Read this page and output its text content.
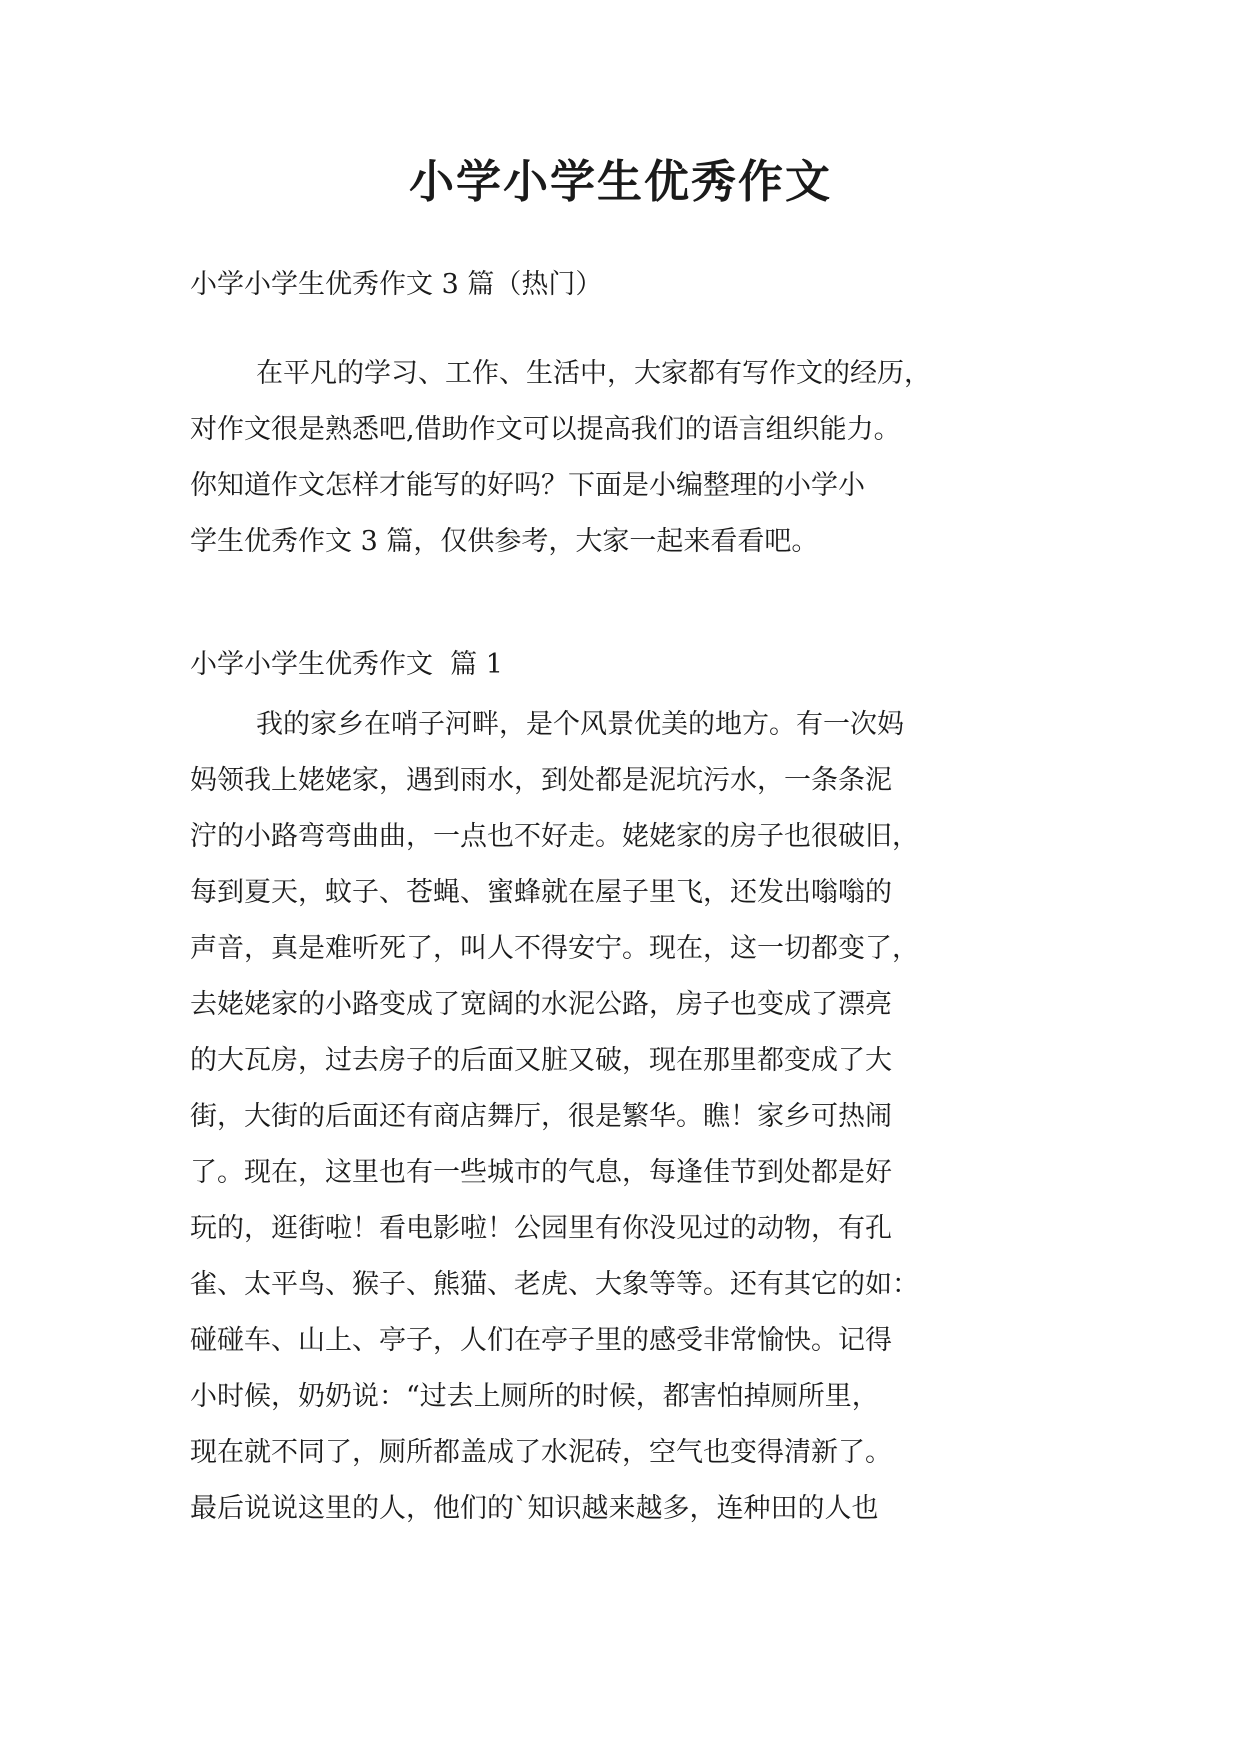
小学小学生优秀作文

小学小学生优秀作文 3 篇（热门）

在平凡的学习、工作、生活中，大家都有写作文的经历，
对作文很是熟悉吧,借助作文可以提高我们的语言组织能力。
你知道作文怎样才能写的好吗？下面是小编整理的小学小
学生优秀作文 3 篇，仅供参考，大家一起来看看吧。

小学小学生优秀作文  篇 1

我的家乡在哨子河畔，是个风景优美的地方。有一次妈
妈领我上姥姥家，遇到雨水，到处都是泥坑污水，一条条泥
泞的小路弯弯曲曲，一点也不好走。姥姥家的房子也很破旧，
每到夏天，蚊子、苍蝇、蜜蜂就在屋子里飞，还发出嗡嗡的
声音，真是难听死了，叫人不得安宁。现在，这一切都变了，
去姥姥家的小路变成了宽阔的水泥公路，房子也变成了漂亮
的大瓦房，过去房子的后面又脏又破，现在那里都变成了大
街，大街的后面还有商店舞厅，很是繁华。瞧！家乡可热闹
了。现在，这里也有一些城市的气息，每逢佳节到处都是好
玩的，逛街啦！看电影啦！公园里有你没见过的动物，有孔
雀、太平鸟、猴子、熊猫、老虎、大象等等。还有其它的如：
碰碰车、山上、亭子，人们在亭子里的感受非常愉快。记得
小时候，奶奶说：“过去上厕所的时候，都害怕掉厕所里，
现在就不同了，厕所都盖成了水泥砖，空气也变得清新了。
最后说说这里的人，他们的`知识越来越多，连种田的人也
